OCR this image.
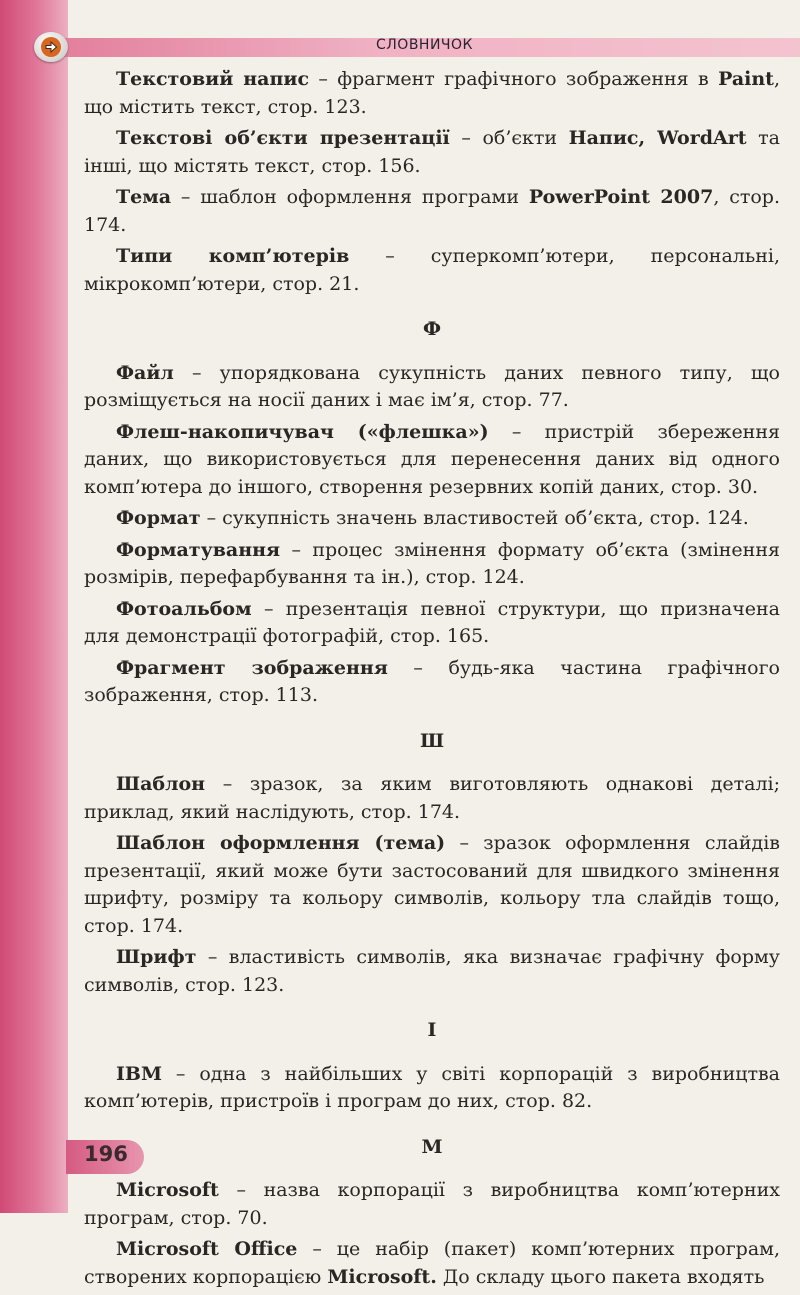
СЛОВНИЧОК

Текстовий напис – фрагмент графічного зображення в Paint, що містить текст, стор. 123.

Текстові об’єкти презентації – об’єкти Напис, WordArt та інші, що містять текст, стор. 156.

Тема – шаблон оформлення програми PowerPoint 2007, стор. 174.

Типи комп’ютерів – суперкомп’ютери, персональні, мікрокомп’ютери, стор. 21.

Ф

Файл – упорядкована сукупність даних певного типу, що розміщується на носії даних і має ім’я, стор. 77.

Флеш-накопичувач («флешка») – пристрій збереження даних, що використовується для перенесення даних від одного комп’ютера до іншого, створення резервних копій даних, стор. 30.

Формат – сукупність значень властивостей об’єкта, стор. 124.

Форматування – процес змінення формату об’єкта (змінення розмірів, перефарбування та ін.), стор. 124.

Фотоальбом – презентація певної структури, що призначена для демонстрації фотографій, стор. 165.

Фрагмент зображення – будь-яка частина графічного зображення, стор. 113.

Ш

Шаблон – зразок, за яким виготовляють однакові деталі; приклад, який наслідують, стор. 174.

Шаблон оформлення (тема) – зразок оформлення слайдів презентації, який може бути застосований для швидкого змінення шрифту, розміру та кольору символів, кольору тла слайдів тощо, стор. 174.

Шрифт – властивість символів, яка визначає графічну форму символів, стор. 123.

I

IBM – одна з найбільших у світі корпорацій з виробництва комп’ютерів, пристроїв і програм до них, стор. 82.

M

Microsoft – назва корпорації з виробництва комп’ютерних програм, стор. 70.

Microsoft Office – це набір (пакет) комп’ютерних програм, створених корпорацією Microsoft. До складу цього пакета входять

196
